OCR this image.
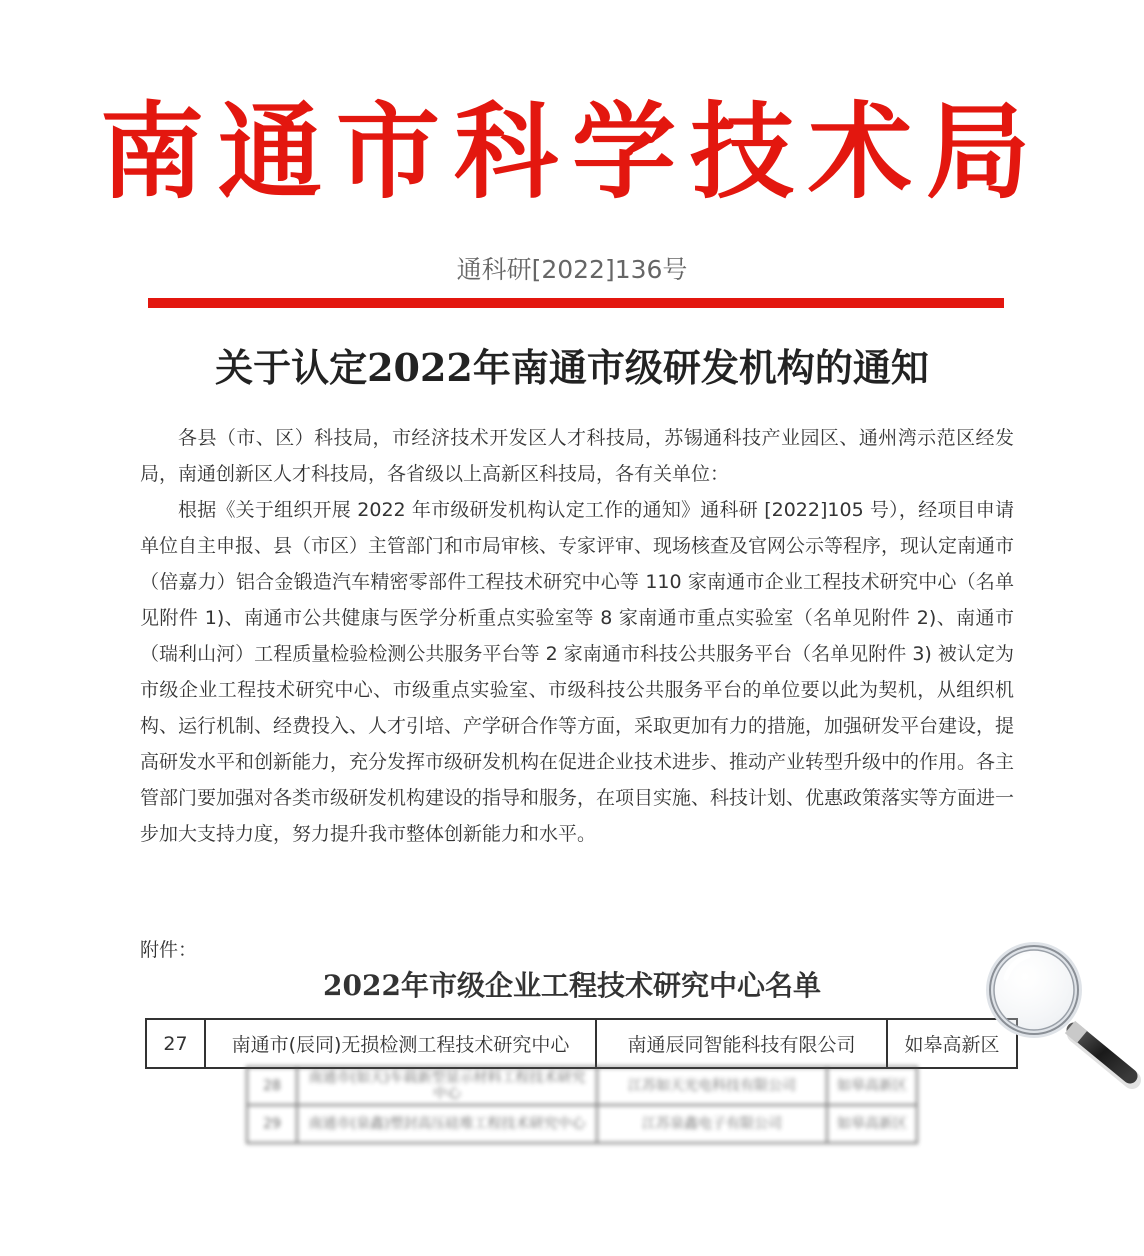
南通市科学技术局
通科研[2022]136号
关于认定2022年南通市级研发机构的通知

各县（市、区）科技局，市经济技术开发区人才科技局，苏锡通科技产业园区、通州湾示范区经发局，南通创新区人才科技局，各省级以上高新区科技局，各有关单位：

根据《关于组织开展 2022 年市级研发机构认定工作的通知》通科研 [2022]105 号），经项目申请单位自主申报、县（市区）主管部门和市局审核、专家评审、现场核查及官网公示等程序，现认定南通市（倍嘉力）铝合金锻造汽车精密零部件工程技术研究中心等 110 家南通市企业工程技术研究中心（名单见附件 1)、南通市公共健康与医学分析重点实验室等 8 家南通市重点实验室（名单见附件 2)、南通市（瑞利山河）工程质量检验检测公共服务平台等 2 家南通市科技公共服务平台（名单见附件 3) 被认定为市级企业工程技术研究中心、市级重点实验室、市级科技公共服务平台的单位要以此为契机，从组织机构、运行机制、经费投入、人才引培、产学研合作等方面，采取更加有力的措施，加强研发平台建设，提高研发水平和创新能力，充分发挥市级研发机构在促进企业技术进步、推动产业转型升级中的作用。各主管部门要加强对各类市级研发机构建设的指导和服务，在项目实施、科技计划、优惠政策落实等方面进一步加大支持力度，努力提升我市整体创新能力和水平。

附件：
2022年市级企业工程技术研究中心名单
27	南通市(辰同)无损检测工程技术研究中心	南通辰同智能科技有限公司	如皋高新区
28	南通市(如天)车载新型显示材料工程技术研究中心	江苏如天光电科技有限公司	如皋高新区
29	南通市(泉鑫)塑封高压硅堆工程技术研究中心	江苏泉鑫电子有限公司	如皋高新区
